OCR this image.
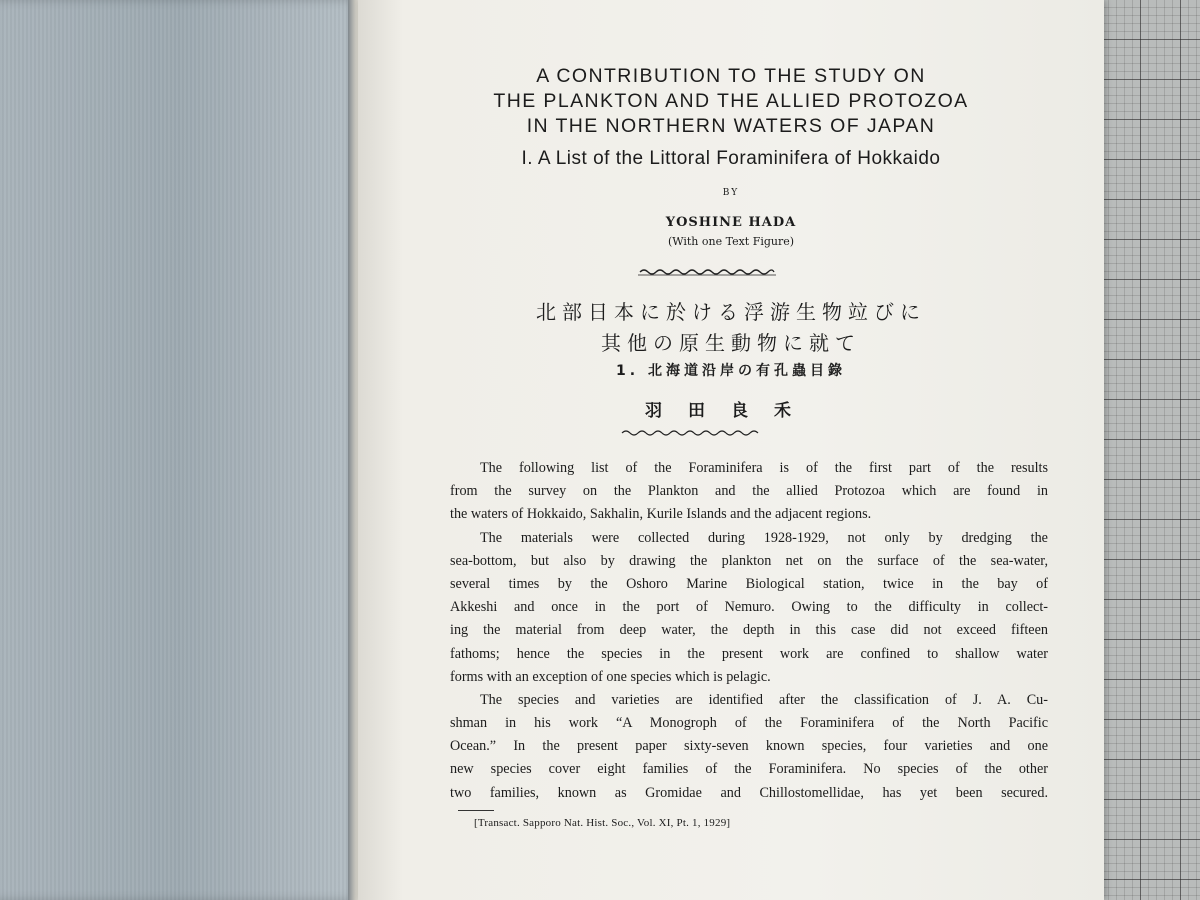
A CONTRIBUTION TO THE STUDY ON
THE PLANKTON AND THE ALLIED PROTOZOA
IN THE NORTHERN WATERS OF JAPAN
I. A List of the Littoral Foraminifera of Hokkaido
BY
YOSHINE HADA
(With one Text Figure)
北部日本に於ける浮游生物竝びに
其他の原生動物に就て
1. 北海道沿岸の有孔蟲目錄
羽田良禾
The following list of the Foraminifera is of the first part of the results
from the survey on the Plankton and the allied Protozoa which are found in
the waters of Hokkaido, Sakhalin, Kurile Islands and the adjacent regions.
The materials were collected during 1928-1929, not only by dredging the
sea-bottom, but also by drawing the plankton net on the surface of the sea-water,
several times by the Oshoro Marine Biological station, twice in the bay of
Akkeshi and once in the port of Nemuro. Owing to the difficulty in collect-
ing the material from deep water, the depth in this case did not exceed fifteen
fathoms; hence the species in the present work are confined to shallow water
forms with an exception of one species which is pelagic.
The species and varieties are identified after the classification of J. A. Cu-
shman in his work “A Monogroph of the Foraminifera of the North Pacific
Ocean.” In the present paper sixty-seven known species, four varieties and one
new species cover eight families of the Foraminifera. No species of the other
two families, known as Gromidae and Chillostomellidae, has yet been secured.
[Transact. Sapporo Nat. Hist. Soc., Vol. XI, Pt. 1, 1929]
